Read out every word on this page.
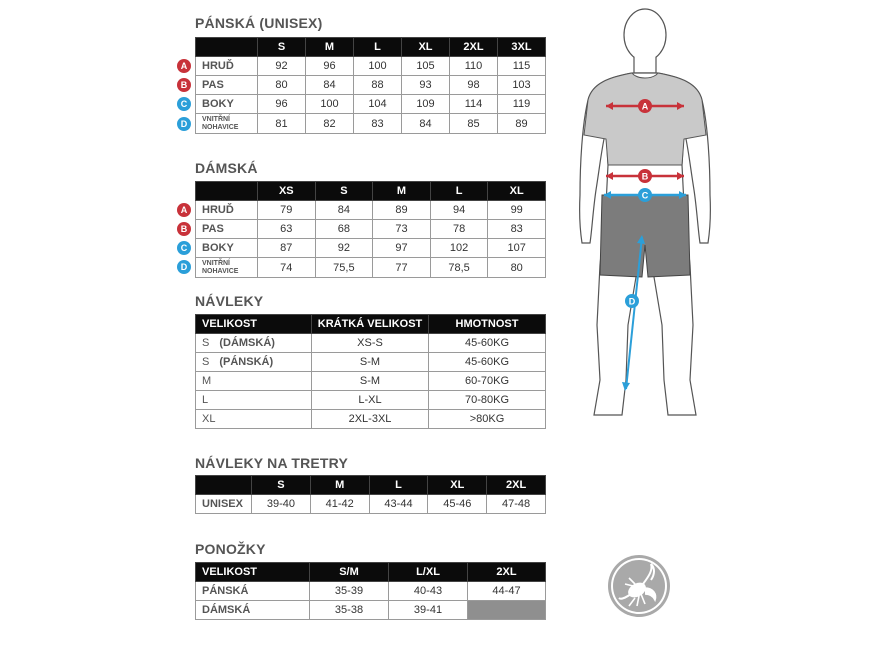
PÁNSKÁ (UNISEX)
	S	M	L	XL	2XL	3XL
HRUĎ	92	96	100	105	110	115
PAS	80	84	88	93	98	103
BOKY	96	100	104	109	114	119
VNITŘNÍ
NOHAVICE	81	82	83	84	85	89
A
B
C
D
DÁMSKÁ
	XS	S	M	L	XL
HRUĎ	79	84	89	94	99
PAS	63	68	73	78	83
BOKY	87	92	97	102	107
VNITŘNÍ
NOHAVICE	74	75,5	77	78,5	80
A
B
C
D
NÁVLEKY
VELIKOST	KRÁTKÁ VELIKOST	HMOTNOST
S (DÁMSKÁ)	XS-S	45-60KG
S (PÁNSKÁ)	S-M	45-60KG
M	S-M	60-70KG
L	L-XL	70-80KG
XL	2XL-3XL	>80KG
NÁVLEKY NA TRETRY
	S	M	L	XL	2XL
UNISEX	39-40	41-42	43-44	45-46	47-48
PONOŽKY
VELIKOST	S/M	L/XL	2XL
PÁNSKÁ	35-39	40-43	44-47
DÁMSKÁ	35-38	39-41	
A
B
C
D
